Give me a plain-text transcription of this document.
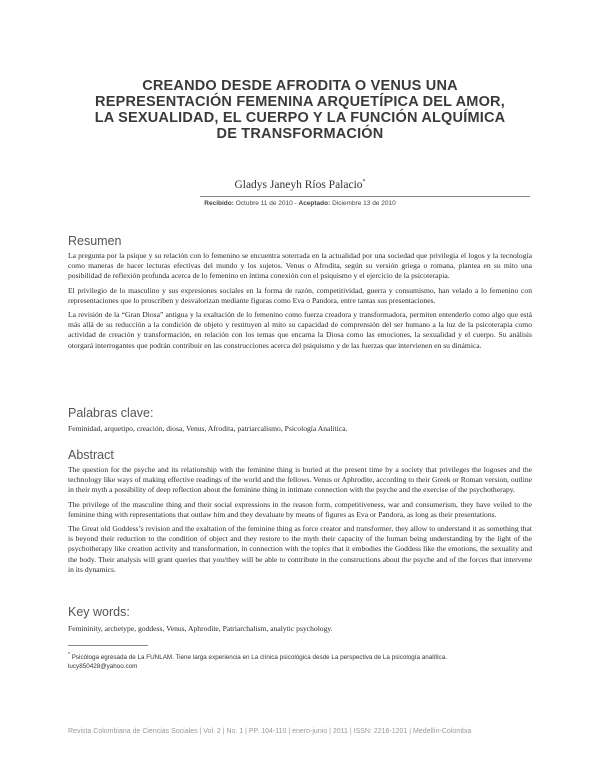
CREANDO DESDE AFRODITA O VENUS UNA REPRESENTACIÓN FEMENINA ARQUETÍPICA DEL AMOR, LA SEXUALIDAD, EL CUERPO Y LA FUNCIÓN ALQUÍMICA DE TRANSFORMACIÓN
Gladys Janeyh Ríos Palacio*
Recibido: Octubre 11 de 2010 - Aceptado: Diciembre 13 de 2010
Resumen

La pregunta por la psique y su relación con lo femenino se encuentra soterrada en la actualidad por una sociedad que privilegia el logos y la tecnología como maneras de hacer lecturas efectivas del mundo y los sujetos. Venus o Afrodita, según su versión griega o romana, plantea en su mito una posibilidad de reflexión profunda acerca de lo femenino en íntima conexión con el psiquismo y el ejercicio de la psicoterapia.

El privilegio de lo masculino y sus expresiones sociales en la forma de razón, competitividad, guerra y consumismo, han velado a lo femenino con representaciones que lo proscriben y desvalorizan mediante figuras como Eva o Pandora, entre tantas sus presentaciones.

La revisión de la “Gran Diosa” antigua y la exaltación de lo femenino como fuerza creadora y transformadora, permiten entenderlo como algo que está más allá de su reducción a la condición de objeto y restituyen al mito su capacidad de comprensión del ser humano a la luz de la psicoterapia como actividad de creación y transformación, en relación con los temas que encarna la Diosa como las emociones, la sexualidad y el cuerpo. Su análisis otorgará interrogantes que podrán contribuir en las construcciones acerca del psiquismo y de las fuerzas que intervienen en su dinámica.

Palabras clave:
Feminidad, arquetipo, creación, diosa, Venus, Afrodita, patriarcalismo, Psicología Analítica.
Abstract

The question for the psyche and its relationship with the feminine thing is buried at the present time by a society that privileges the logoses and the technology like ways of making effective readings of the world and the fellows. Venus or Aphrodite, according to their Greek or Roman version, outline in their myth a possibility of deep reflection about the feminine thing in intimate connection with the psyche and the exercise of the psychotherapy.

The privilege of the masculine thing and their social expressions in the reason form, competitiveness, war and consumerism, they have veiled to the feminine thing with representations that outlaw him and they devaluate by means of figures as Eva or Pandora, as long as their presentations.

The Great old Goddess’s revision and the exaltation of the feminine thing as force creator and transformer, they allow to understand it as something that is beyond their reduction to the condition of object and they restore to the myth their capacity of the human being understanding by the light of the psychotherapy like creation activity and transformation, in connection with the topics that it embodies the Goddess like the emotions, the sexuality and the body. Their analysis will grant queries that you/they will be able to contribute in the constructions about the psyche and of the forces that intervene in its dynamics.

Key words:
Femininity, archetype, goddess, Venus, Aphrodite, Patriarchalism, analytic psychology.
* Psicóloga egresada de La FUNLAM. Tiene larga experiencia en La clínica psicológica desde La perspectiva de La psicología analítica.
lucy850428@yahoo.com
Revista Colombiana de Ciencias Sociales | Vol. 2 | No. 1 | PP. 104-110 | enero-junio | 2011 | ISSN: 2216-1201 | Medellín-Colombia
